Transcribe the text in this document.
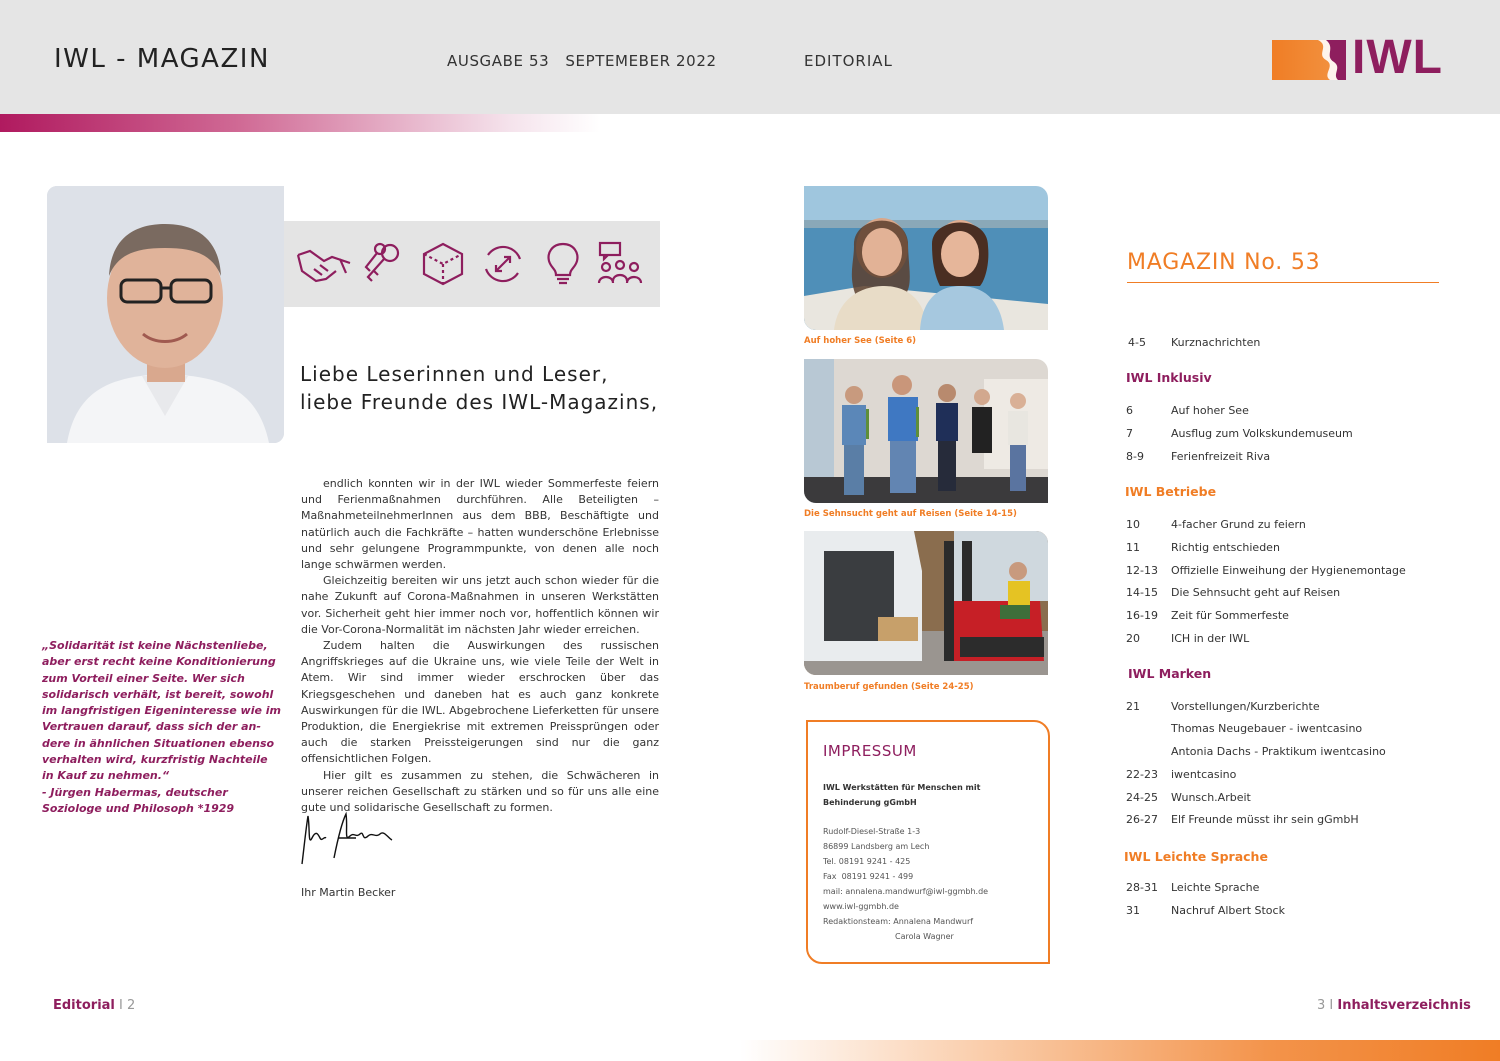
IWL - MAGAZIN	AUSGABE 53   SEPTEMEBER 2022	EDITORIAL	IWL
Liebe Leserinnen und Leser,
liebe Freunde des IWL-Magazins,

endlich konnten wir in der IWL wieder Sommerfeste feiern und Ferienmaßnahmen durchführen. Alle Beteiligten – MaßnahmeteilnehmerInnen aus dem BBB, Beschäftigte und natürlich auch die Fachkräfte – hatten wunderschöne Erlebnisse und sehr gelungene Programmpunkte, von denen alle noch lange schwärmen werden.

Gleichzeitig bereiten wir uns jetzt auch schon wieder für die nahe Zukunft auf Corona-Maßnahmen in unseren Werkstätten vor. Sicherheit geht hier immer noch vor, hoffentlich können wir die Vor-Corona-Normalität im nächsten Jahr wieder erreichen.

Zudem halten die Auswirkungen des russischen Angriffskrieges auf die Ukraine uns, wie viele Teile der Welt in Atem. Wir sind immer wieder erschrocken über das Kriegsgeschehen und daneben hat es auch ganz konkrete Auswirkungen für die IWL. Abgebrochene Lieferketten für unsere Produktion, die Energiekrise mit extremen Preissprüngen oder auch die starken Preissteigerungen sind nur die ganz offensichtlichen Folgen.

Hier gilt es zusammen zu stehen, die Schwächeren in unserer reichen Gesellschaft zu stärken und so für uns alle eine gute und solidarische Gesellschaft zu formen.

Ihr Martin Becker
„Solidarität ist keine Nächstenliebe,
aber erst recht keine Konditionierung
zum Vorteil einer Seite. Wer sich
solidarisch verhält, ist bereit, sowohl
im langfristigen Eigeninteresse wie im
Vertrauen darauf, dass sich der an-
dere in ähnlichen Situationen ebenso
verhalten wird, kurzfristig Nachteile
in Kauf zu nehmen.“
- Jürgen Habermas, deutscher
Soziologe und Philosoph *1929
Auf hoher See (Seite 6)
Die Sehnsucht geht auf Reisen (Seite 14-15)
Traumberuf gefunden (Seite 24-25)
IMPRESSUM
IWL Werkstätten für Menschen mit Behinderung gGmbH
Rudolf-Diesel-Straße 1-3
86899 Landsberg am Lech
Tel. 08191 9241 - 425
Fax  08191 9241 - 499
mail: annalena.mandwurf@iwl-ggmbh.de
www.iwl-ggmbh.de
Redaktionsteam: Annalena Mandwurf
Carola Wagner
MAGAZIN No. 53
4-5 Kurznachrichten
IWL Inklusiv
6	Auf hoher See
7	Ausflug zum Volkskundemuseum
8-9 Ferienfreizeit Riva
IWL Betriebe
10	4-facher Grund zu feiern
11	Richtig entschieden
12-13 Offizielle Einweihung der Hygienemontage
14-15 Die Sehnsucht geht auf Reisen
16-19 Zeit für Sommerfeste
20	ICH in der IWL
IWL Marken
21	Vorstellungen/Kurzberichte
Thomas Neugebauer - iwentcasino
Antonia Dachs - Praktikum iwentcasino
22-23 iwentcasino
24-25 Wunsch.Arbeit
26-27 Elf Freunde müsst ihr sein gGmbH
IWL Leichte Sprache
28-31 Leichte Sprache
31	Nachruf Albert Stock
Editorial I 2	3 I Inhaltsverzeichnis
